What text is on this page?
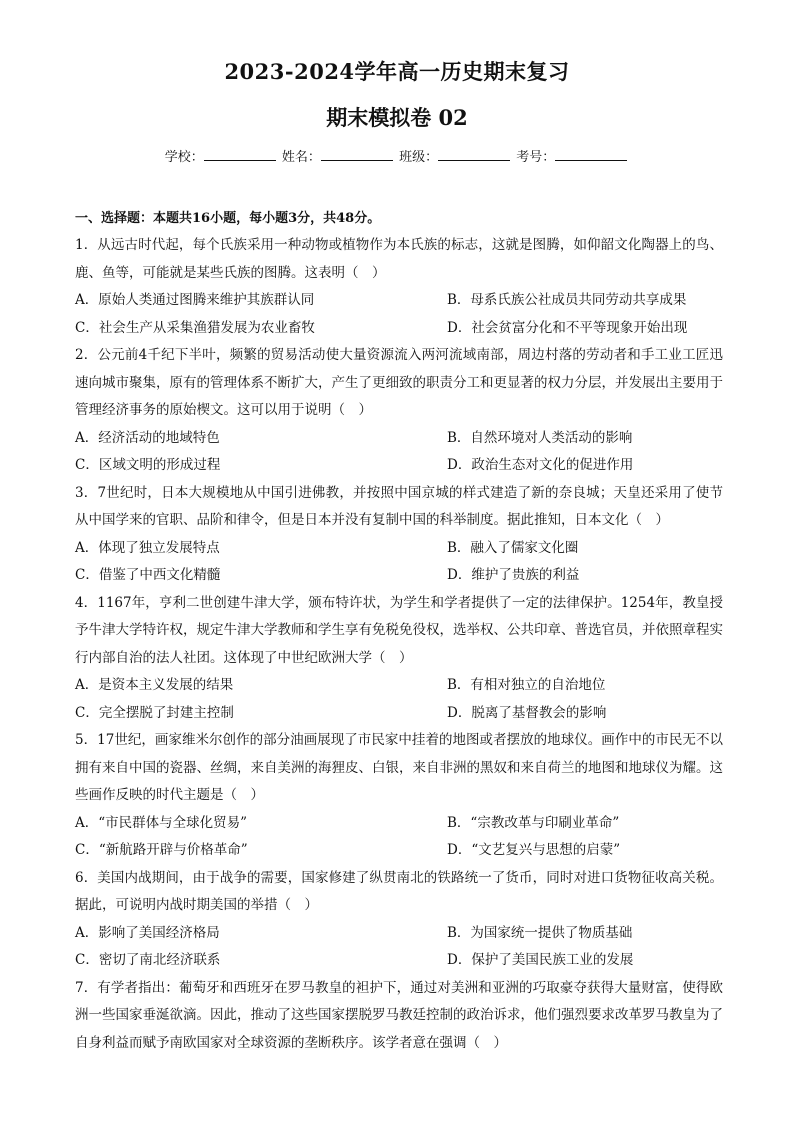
2023-2024学年高一历史期末复习
期末模拟卷 02
学校：	姓名：	班级：	考号：
一、选择题：本题共16小题，每小题3分，共48分。
1．从远古时代起，每个氏族采用一种动物或植物作为本氏族的标志，这就是图腾，如仰韶文化陶器上的鸟、鹿、鱼等，可能就是某些氏族的图腾。这表明（　）
A．原始人类通过图腾来维护其族群认同	B．母系氏族公社成员共同劳动共享成果
C．社会生产从采集渔猎发展为农业畜牧	D．社会贫富分化和不平等现象开始出现
2．公元前4千纪下半叶，频繁的贸易活动使大量资源流入两河流域南部，周边村落的劳动者和手工业工匠迅速向城市聚集，原有的管理体系不断扩大，产生了更细致的职责分工和更显著的权力分层，并发展出主要用于管理经济事务的原始楔文。这可以用于说明（　）
A．经济活动的地域特色	B．自然环境对人类活动的影响
C．区域文明的形成过程	D．政治生态对文化的促进作用
3．7世纪时，日本大规模地从中国引进佛教，并按照中国京城的样式建造了新的奈良城；天皇还采用了使节从中国学来的官职、品阶和律令，但是日本并没有复制中国的科举制度。据此推知，日本文化（　）
A．体现了独立发展特点	B．融入了儒家文化圈
C．借鉴了中西文化精髓	D．维护了贵族的利益
4．1167年，亨利二世创建牛津大学，颁布特许状，为学生和学者提供了一定的法律保护。1254年，教皇授予牛津大学特许权，规定牛津大学教师和学生享有免税免役权，选举权、公共印章、普选官员，并依照章程实行内部自治的法人社团。这体现了中世纪欧洲大学（　）
A．是资本主义发展的结果	B．有相对独立的自治地位
C．完全摆脱了封建主控制	D．脱离了基督教会的影响
5．17世纪，画家维米尔创作的部分油画展现了市民家中挂着的地图或者摆放的地球仪。画作中的市民无不以拥有来自中国的瓷器、丝绸，来自美洲的海狸皮、白银，来自非洲的黑奴和来自荷兰的地图和地球仪为耀。这些画作反映的时代主题是（　）
A．“市民群体与全球化贸易”	B．“宗教改革与印刷业革命”
C．“新航路开辟与价格革命”	D．“文艺复兴与思想的启蒙”
6．美国内战期间，由于战争的需要，国家修建了纵贯南北的铁路统一了货币，同时对进口货物征收高关税。据此，可说明内战时期美国的举措（　）
A．影响了美国经济格局	B．为国家统一提供了物质基础
C．密切了南北经济联系	D．保护了美国民族工业的发展
7．有学者指出：葡萄牙和西班牙在罗马教皇的袒护下，通过对美洲和亚洲的巧取豪夺获得大量财富，使得欧洲一些国家垂涎欲滴。因此，推动了这些国家摆脱罗马教廷控制的政治诉求，他们强烈要求改革罗马教皇为了自身利益而赋予南欧国家对全球资源的垄断秩序。该学者意在强调（　）
